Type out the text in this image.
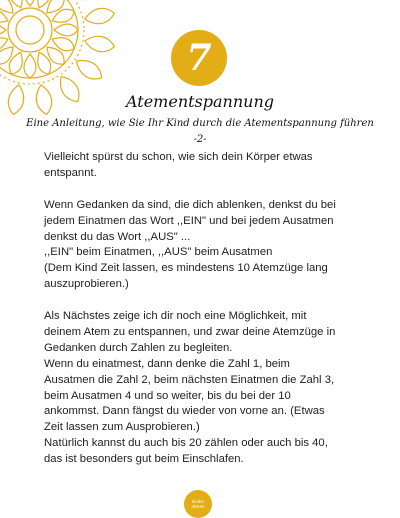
7
Atementspannung
Eine Anleitung, wie Sie Ihr Kind durch die Atementspannung führen
-2-

Vielleicht spürst du schon, wie sich dein Körper etwas
entspannt.

Wenn Gedanken da sind, die dich ablenken, denkst du bei
jedem Einatmen das Wort ,,EIN" und bei jedem Ausatmen
denkst du das Wort ,,AUS" ...
,,EIN" beim Einatmen, ,,AUS" beim Ausatmen
(Dem Kind Zeit lassen, es mindestens 10 Atemzüge lang
auszuprobieren.)

Als Nächstes zeige ich dir noch eine Möglichkeit, mit
deinem Atem zu entspannen, und zwar deine Atemzüge in
Gedanken durch Zahlen zu begleiten.
Wenn du einatmest, dann denke die Zahl 1, beim
Ausatmen die Zahl 2, beim nächsten Einatmen die Zahl 3,
beim Ausatmen 4 und so weiter, bis du bei der 10
ankommst. Dann fängst du wieder von vorne an. (Etwas
Zeit lassen zum Ausprobieren.)
Natürlich kannst du auch bis 20 zählen oder auch bis 40,
das ist besonders gut beim Einschlafen.

kinder
atmen
